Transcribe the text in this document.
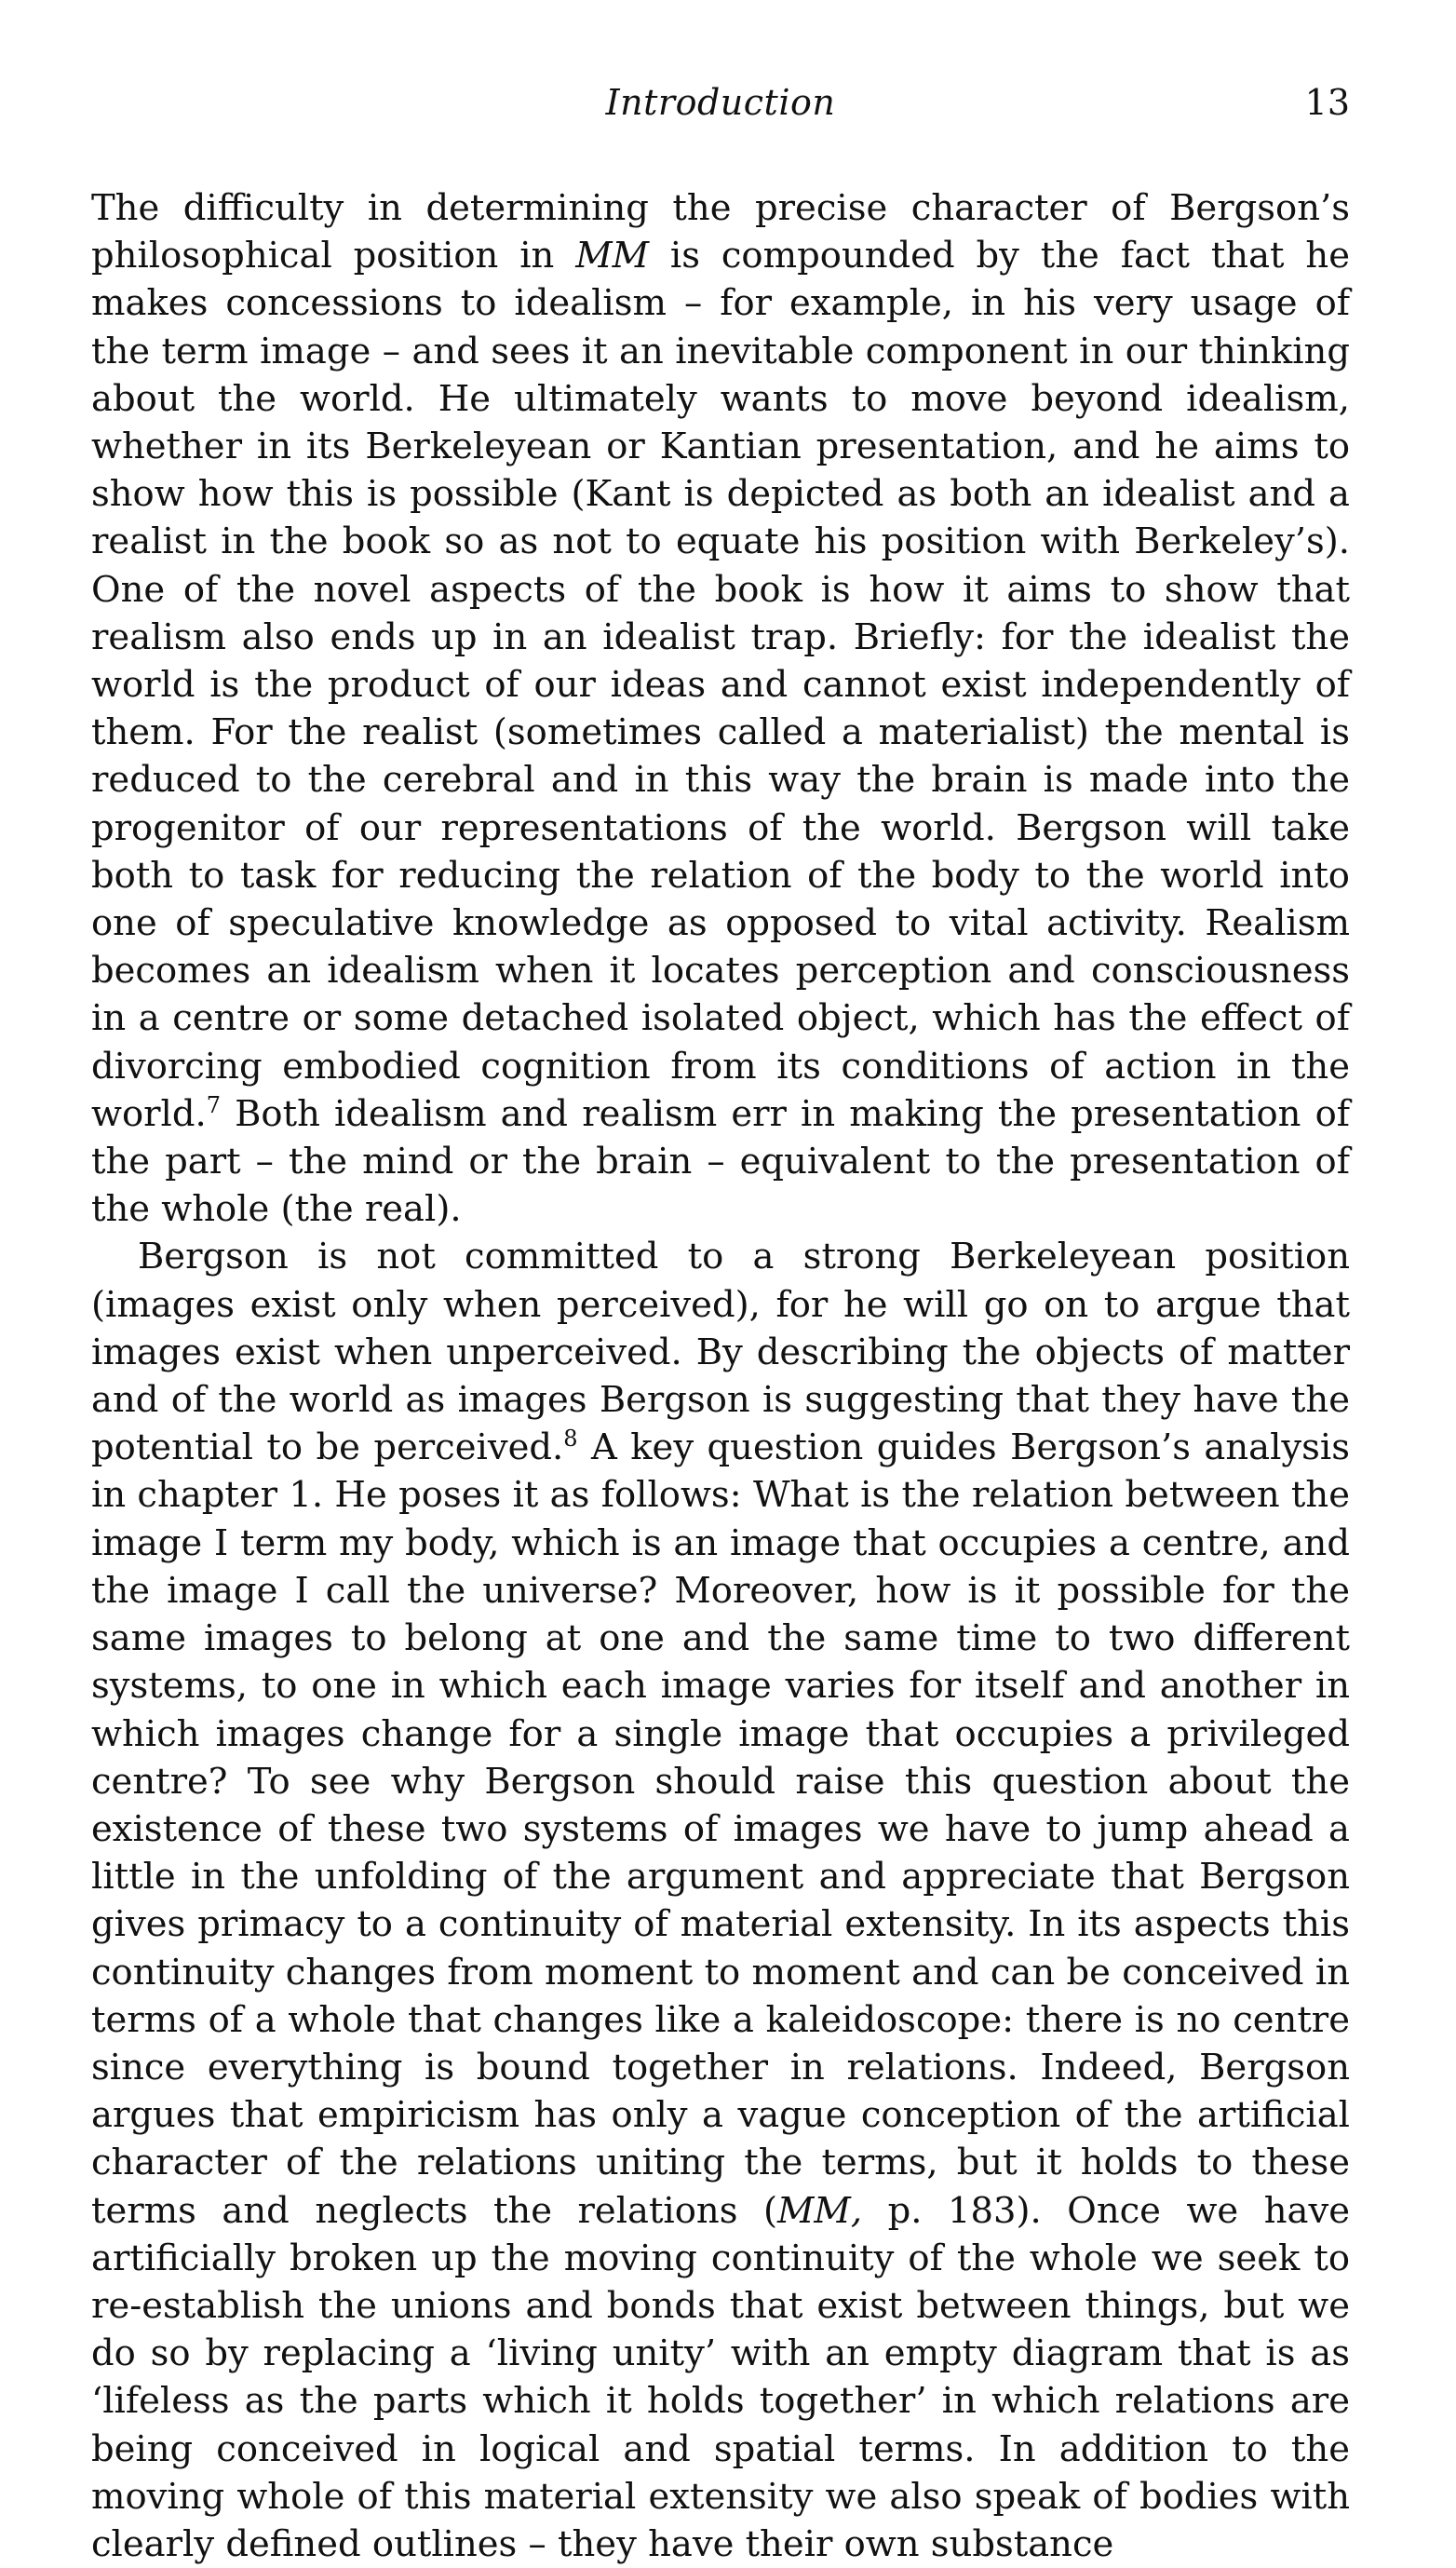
Introduction	13

The difficulty in determining the precise character of Bergson’s philosophical position in MM is compounded by the fact that he makes concessions to idealism – for example, in his very usage of the term image – and sees it an inevitable component in our thinking about the world. He ultimately wants to move beyond idealism, whether in its Berkeleyean or Kantian presentation, and he aims to show how this is possible (Kant is depicted as both an idealist and a realist in the book so as not to equate his position with Berkeley’s). One of the novel aspects of the book is how it aims to show that realism also ends up in an idealist trap. Briefly: for the idealist the world is the product of our ideas and cannot exist independently of them. For the realist (sometimes called a materialist) the mental is reduced to the cerebral and in this way the brain is made into the progenitor of our representations of the world. Bergson will take both to task for reducing the relation of the body to the world into one of speculative knowledge as opposed to vital activity. Realism becomes an idealism when it locates perception and consciousness in a centre or some detached isolated object, which has the effect of divorcing embodied cognition from its conditions of action in the world.$^7$ Both idealism and realism err in making the presentation of the part – the mind or the brain – equivalent to the presentation of the whole (the real).

Bergson is not committed to a strong Berkeleyean position (images exist only when perceived), for he will go on to argue that images exist when unperceived. By describing the objects of matter and of the world as images Bergson is suggesting that they have the potential to be perceived.$^8$ A key question guides Bergson’s analysis in chapter 1. He poses it as follows: What is the relation between the image I term my body, which is an image that occupies a centre, and the image I call the universe? Moreover, how is it possible for the same images to belong at one and the same time to two different systems, to one in which each image varies for itself and another in which images change for a single image that occupies a privileged centre? To see why Bergson should raise this question about the existence of these two systems of images we have to jump ahead a little in the unfolding of the argument and appreciate that Bergson gives primacy to a continuity of material extensity. In its aspects this continuity changes from moment to moment and can be conceived in terms of a whole that changes like a kaleidoscope: there is no centre since everything is bound together in relations. Indeed, Bergson argues that empiricism has only a vague conception of the artificial character of the relations uniting the terms, but it holds to these terms and neglects the relations (MM, p. 183). Once we have artificially broken up the moving continuity of the whole we seek to re-establish the unions and bonds that exist between things, but we do so by replacing a ‘living unity’ with an empty diagram that is as ‘lifeless as the parts which it holds together’ in which relations are being conceived in logical and spatial terms. In addition to the moving whole of this material extensity we also speak of bodies with clearly defined outlines – they have their own substance
